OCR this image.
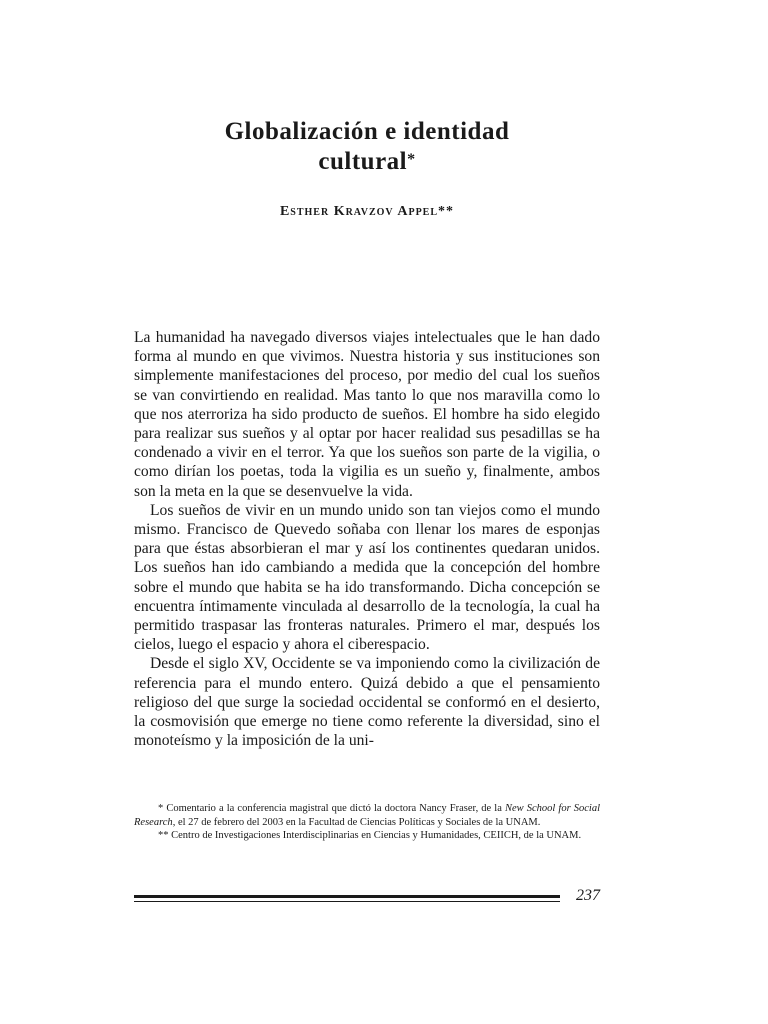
Globalización e identidad
cultural*
Esther Kravzov Appel**

La humanidad ha navegado diversos viajes intelectuales que le han dado forma al mundo en que vivimos. Nuestra historia y sus instituciones son simplemente manifestaciones del proceso, por medio del cual los sueños se van convirtiendo en realidad. Mas tanto lo que nos maravilla como lo que nos aterroriza ha sido producto de sueños. El hombre ha sido elegido para realizar sus sueños y al optar por hacer realidad sus pesadillas se ha condenado a vivir en el terror. Ya que los sueños son parte de la vigilia, o como dirían los poetas, toda la vigilia es un sueño y, finalmente, ambos son la meta en la que se desenvuelve la vida.

Los sueños de vivir en un mundo unido son tan viejos como el mundo mismo. Francisco de Quevedo soñaba con llenar los mares de esponjas para que éstas absorbieran el mar y así los continentes quedaran unidos. Los sueños han ido cambiando a medida que la concepción del hombre sobre el mundo que habita se ha ido transformando. Dicha concepción se encuentra íntimamente vinculada al desarrollo de la tecnología, la cual ha permitido traspasar las fronteras naturales. Primero el mar, después los cielos, luego el espacio y ahora el ciberespacio.

Desde el siglo XV, Occidente se va imponiendo como la civilización de referencia para el mundo entero. Quizá debido a que el pensamiento religioso del que surge la sociedad occidental se conformó en el desierto, la cosmovisión que emerge no tiene como referente la diversidad, sino el monoteísmo y la imposición de la uni-

* Comentario a la conferencia magistral que dictó la doctora Nancy Fraser, de la New School for Social Research, el 27 de febrero del 2003 en la Facultad de Ciencias Políticas y Sociales de la UNAM.

** Centro de Investigaciones Interdisciplinarias en Ciencias y Humanidades, CEIICH, de la UNAM.

237
